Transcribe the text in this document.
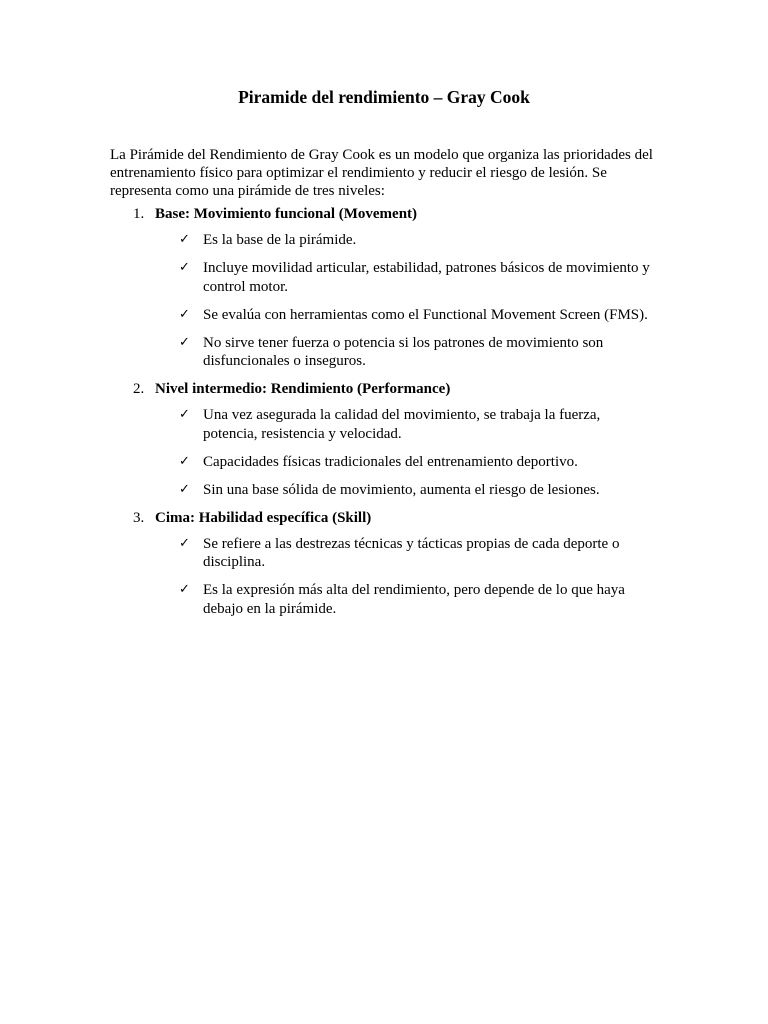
Piramide del rendimiento – Gray Cook

La Pirámide del Rendimiento de Gray Cook es un modelo que organiza las prioridades del entrenamiento físico para optimizar el rendimiento y reducir el riesgo de lesión. Se representa como una pirámide de tres niveles:

1. Base: Movimiento funcional (Movement)
✓ Es la base de la pirámide.
✓ Incluye movilidad articular, estabilidad, patrones básicos de movimiento y control motor.
✓ Se evalúa con herramientas como el Functional Movement Screen (FMS).
✓ No sirve tener fuerza o potencia si los patrones de movimiento son disfuncionales o inseguros.
2. Nivel intermedio: Rendimiento (Performance)
✓ Una vez asegurada la calidad del movimiento, se trabaja la fuerza, potencia, resistencia y velocidad.
✓ Capacidades físicas tradicionales del entrenamiento deportivo.
✓ Sin una base sólida de movimiento, aumenta el riesgo de lesiones.
3. Cima: Habilidad específica (Skill)
✓ Se refiere a las destrezas técnicas y tácticas propias de cada deporte o disciplina.
✓ Es la expresión más alta del rendimiento, pero depende de lo que haya debajo en la pirámide.
